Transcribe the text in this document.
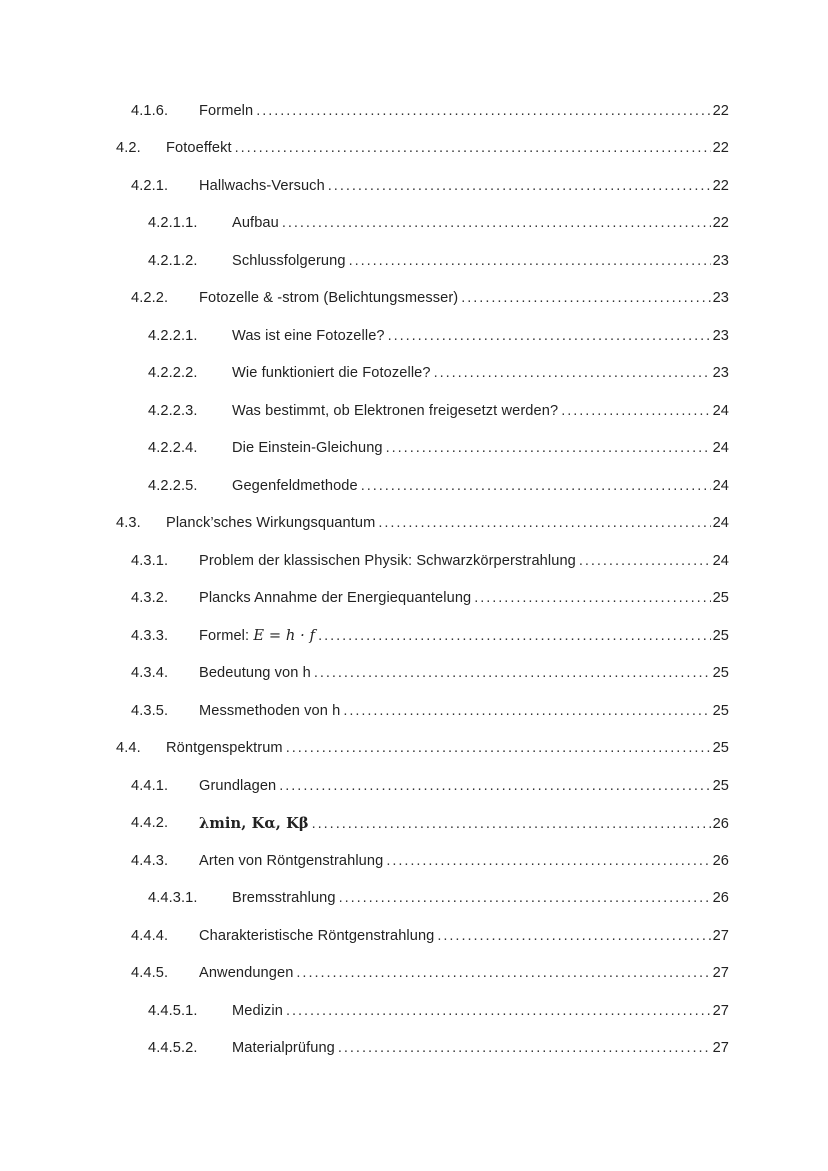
4.1.6. Formeln . . .	22
4.2. Fotoeffekt . . .	22
4.2.1. Hallwachs-Versuch . . .	22
4.2.1.1. Aufbau . . .	22
4.2.1.2. Schlussfolgerung . . .	23
4.2.2. Fotozelle & -strom (Belichtungsmesser) . . .	23
4.2.2.1. Was ist eine Fotozelle? . . .	23
4.2.2.2. Wie funktioniert die Fotozelle? . . .	23
4.2.2.3. Was bestimmt, ob Elektronen freigesetzt werden? . . .	24
4.2.2.4. Die Einstein-Gleichung . . .	24
4.2.2.5. Gegenfeldmethode . . .	24
4.3. Planck’sches Wirkungsquantum . . .	24
4.3.1. Problem der klassischen Physik: Schwarzkörperstrahlung . . .	24
4.3.2. Plancks Annahme der Energiequantelung . . .	25
4.3.3. Formel: E = h · f . . .	25
4.3.4. Bedeutung von h . . .	25
4.3.5. Messmethoden von h . . .	25
4.4. Röntgenspektrum . . .	25
4.4.1. Grundlagen . . .	25
4.4.2. λmin, Kα, Kβ . . .	26
4.4.3. Arten von Röntgenstrahlung . . .	26
4.4.3.1. Bremsstrahlung . . .	26
4.4.4. Charakteristische Röntgenstrahlung . . .	27
4.4.5. Anwendungen . . .	27
4.4.5.1. Medizin . . .	27
4.4.5.2. Materialprüfung . . .	27
